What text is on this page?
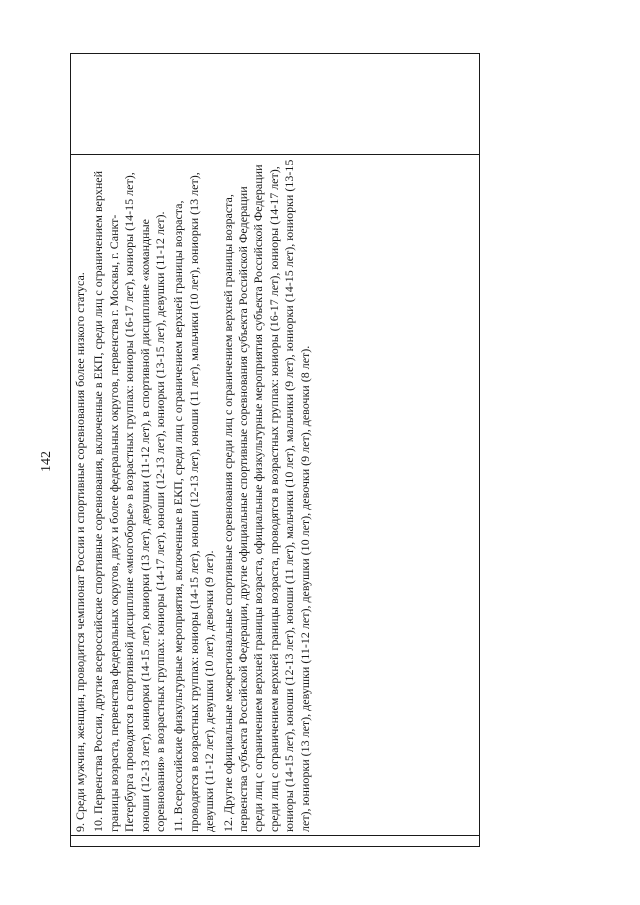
142
	9. Среди мужчин, женщин, проводится чемпионат России и спортивные соревнования более низкого статуса. 10. Первенства России, другие всероссийские спортивные соревнования, включенные в ЕКП, среди лиц с ограничением верхней границы возраста, первенства федеральных округов, двух и более федеральных округов, первенства г. Москвы, г. Санкт-Петербурга проводятся в спортивной дисциплине «многоборье» в возрастных группах: юниоры (16-17 лет), юниоры (14-15 лет), юноши (12-13 лет), юниорки (14-15 лет), юниорки (13 лет), девушки (11-12 лет), в спортивной дисциплине «командные соревнования» в возрастных группах: юниоры (14-17 лет), юноши (12-13 лет), юниорки (13-15 лет), девушки (11-12 лет). 11. Всероссийские физкультурные мероприятия, включенные в ЕКП, среди лиц с ограничением верхней границы возраста, проводятся в возрастных группах: юниоры (14-15 лет), юноши (12-13 лет), юноши (11 лет), мальчики (10 лет), юниорки (13 лет), девушки (11-12 лет), девушки (10 лет), девочки (9 лет). 12. Другие официальные межрегиональные спортивные соревнования среди лиц с ограничением верхней границы возраста, первенства субъекта Российской Федерации, другие официальные спортивные соревнования субъекта Российской Федерации среди лиц с ограничением верхней границы возраста, официальные физкультурные мероприятия субъекта Российской Федерации среди лиц с ограничением верхней границы возраста, проводятся в возрастных группах: юниоры (16-17 лет), юниоры (14-17 лет), юниоры (14-15 лет), юноши (12-13 лет), юноши (11 лет), мальчики (10 лет), мальчики (9 лет), юниорки (14-15 лет), юниорки (13-15 лет), юниорки (13 лет), девушки (11-12 лет), девушки (10 лет), девочки (9 лет), девочки (8 лет).
